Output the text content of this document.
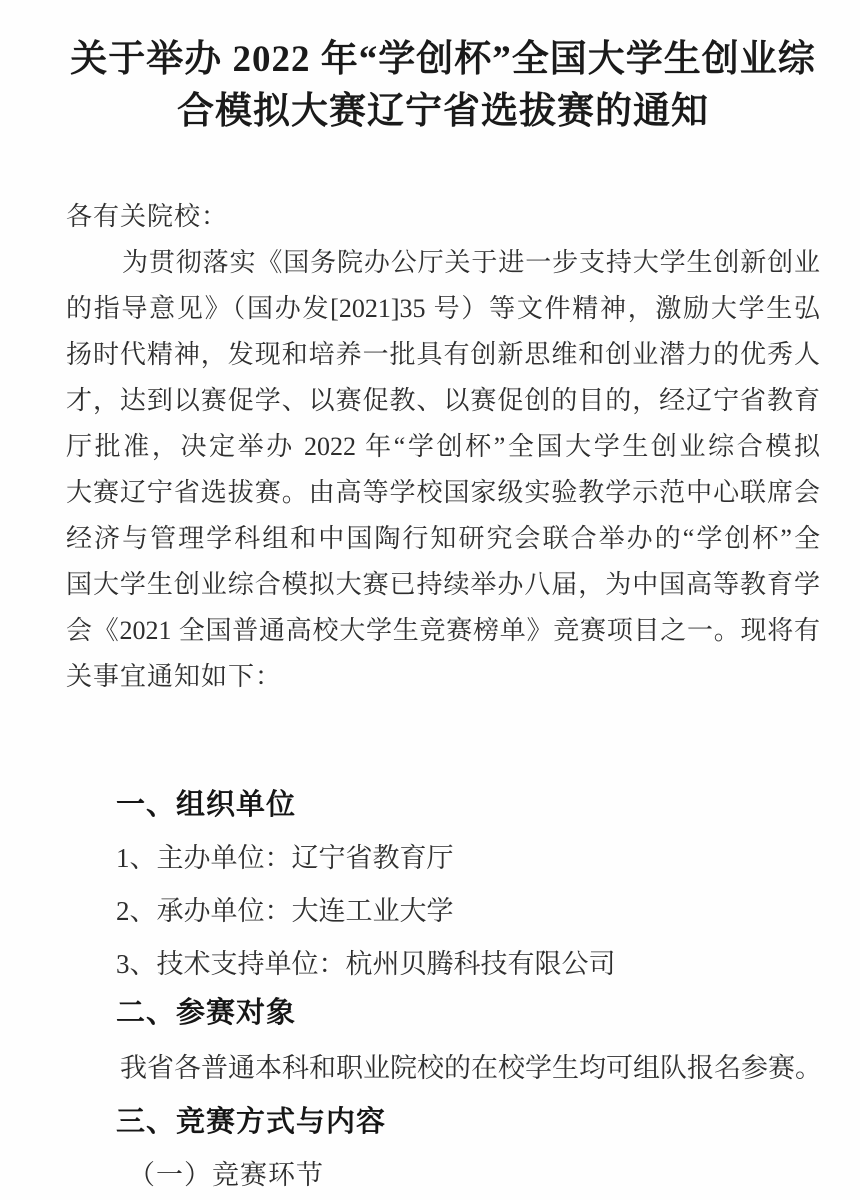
关于举办 2022 年“学创杯”全国大学生创业综
合模拟大赛辽宁省选拔赛的通知

各有关院校：

为贯彻落实《国务院办公厅关于进一步支持大学生创新创业
的指导意见》（国办发[2021]35 号）等文件精神，激励大学生弘
扬时代精神，发现和培养一批具有创新思维和创业潜力的优秀人
才，达到以赛促学、以赛促教、以赛促创的目的，经辽宁省教育
厅批准，决定举办 2022 年“学创杯”全国大学生创业综合模拟
大赛辽宁省选拔赛。由高等学校国家级实验教学示范中心联席会
经济与管理学科组和中国陶行知研究会联合举办的“学创杯”全
国大学生创业综合模拟大赛已持续举办八届，为中国高等教育学
会《2021 全国普通高校大学生竞赛榜单》竞赛项目之一。现将有
关事宜通知如下：
一、组织单位
1、主办单位：辽宁省教育厅
2、承办单位：大连工业大学
3、技术支持单位：杭州贝腾科技有限公司
二、参赛对象
我省各普通本科和职业院校的在校学生均可组队报名参赛。
三、竞赛方式与内容
（一）竞赛环节
